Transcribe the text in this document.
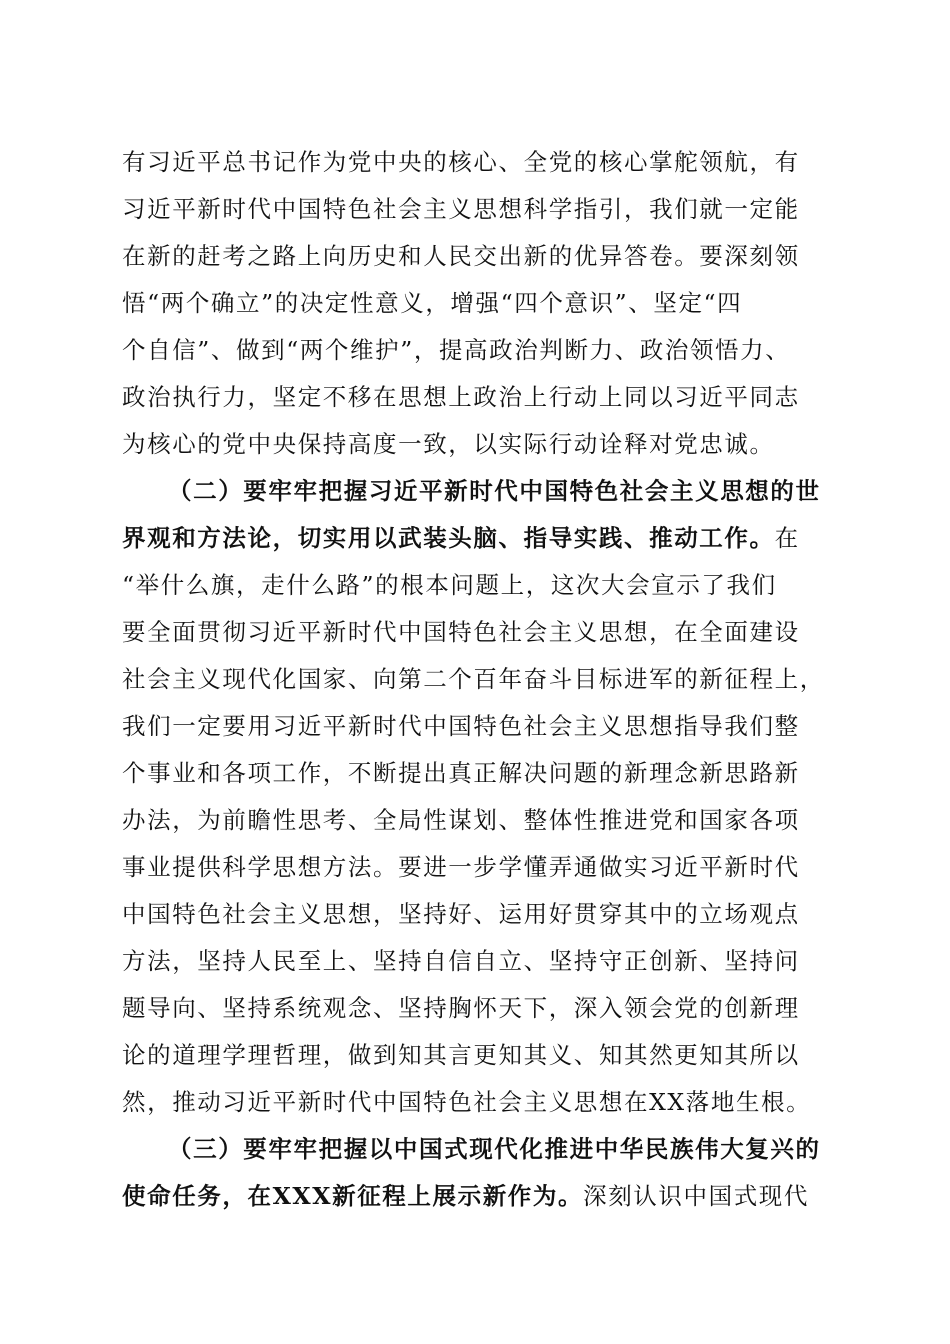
有习近平总书记作为党中央的核心、全党的核心掌舵领航，有
习近平新时代中国特色社会主义思想科学指引，我们就一定能
在新的赶考之路上向历史和人民交出新的优异答卷。要深刻领
悟“两个确立”的决定性意义，增强“四个意识”、坚定“四
个自信”、做到“两个维护”，提高政治判断力、政治领悟力、
政治执行力，坚定不移在思想上政治上行动上同以习近平同志
为核心的党中央保持高度一致，以实际行动诠释对党忠诚。
（二）要牢牢把握习近平新时代中国特色社会主义思想的世
界观和方法论，切实用以武装头脑、指导实践、推动工作。在
“举什么旗，走什么路”的根本问题上，这次大会宣示了我们
要全面贯彻习近平新时代中国特色社会主义思想，在全面建设
社会主义现代化国家、向第二个百年奋斗目标进军的新征程上，
我们一定要用习近平新时代中国特色社会主义思想指导我们整
个事业和各项工作，不断提出真正解决问题的新理念新思路新
办法，为前瞻性思考、全局性谋划、整体性推进党和国家各项
事业提供科学思想方法。要进一步学懂弄通做实习近平新时代
中国特色社会主义思想，坚持好、运用好贯穿其中的立场观点
方法，坚持人民至上、坚持自信自立、坚持守正创新、坚持问
题导向、坚持系统观念、坚持胸怀天下，深入领会党的创新理
论的道理学理哲理，做到知其言更知其义、知其然更知其所以
然，推动习近平新时代中国特色社会主义思想在XX落地生根。
（三）要牢牢把握以中国式现代化推进中华民族伟大复兴的
使命任务，在XXX新征程上展示新作为。深刻认识中国式现代
